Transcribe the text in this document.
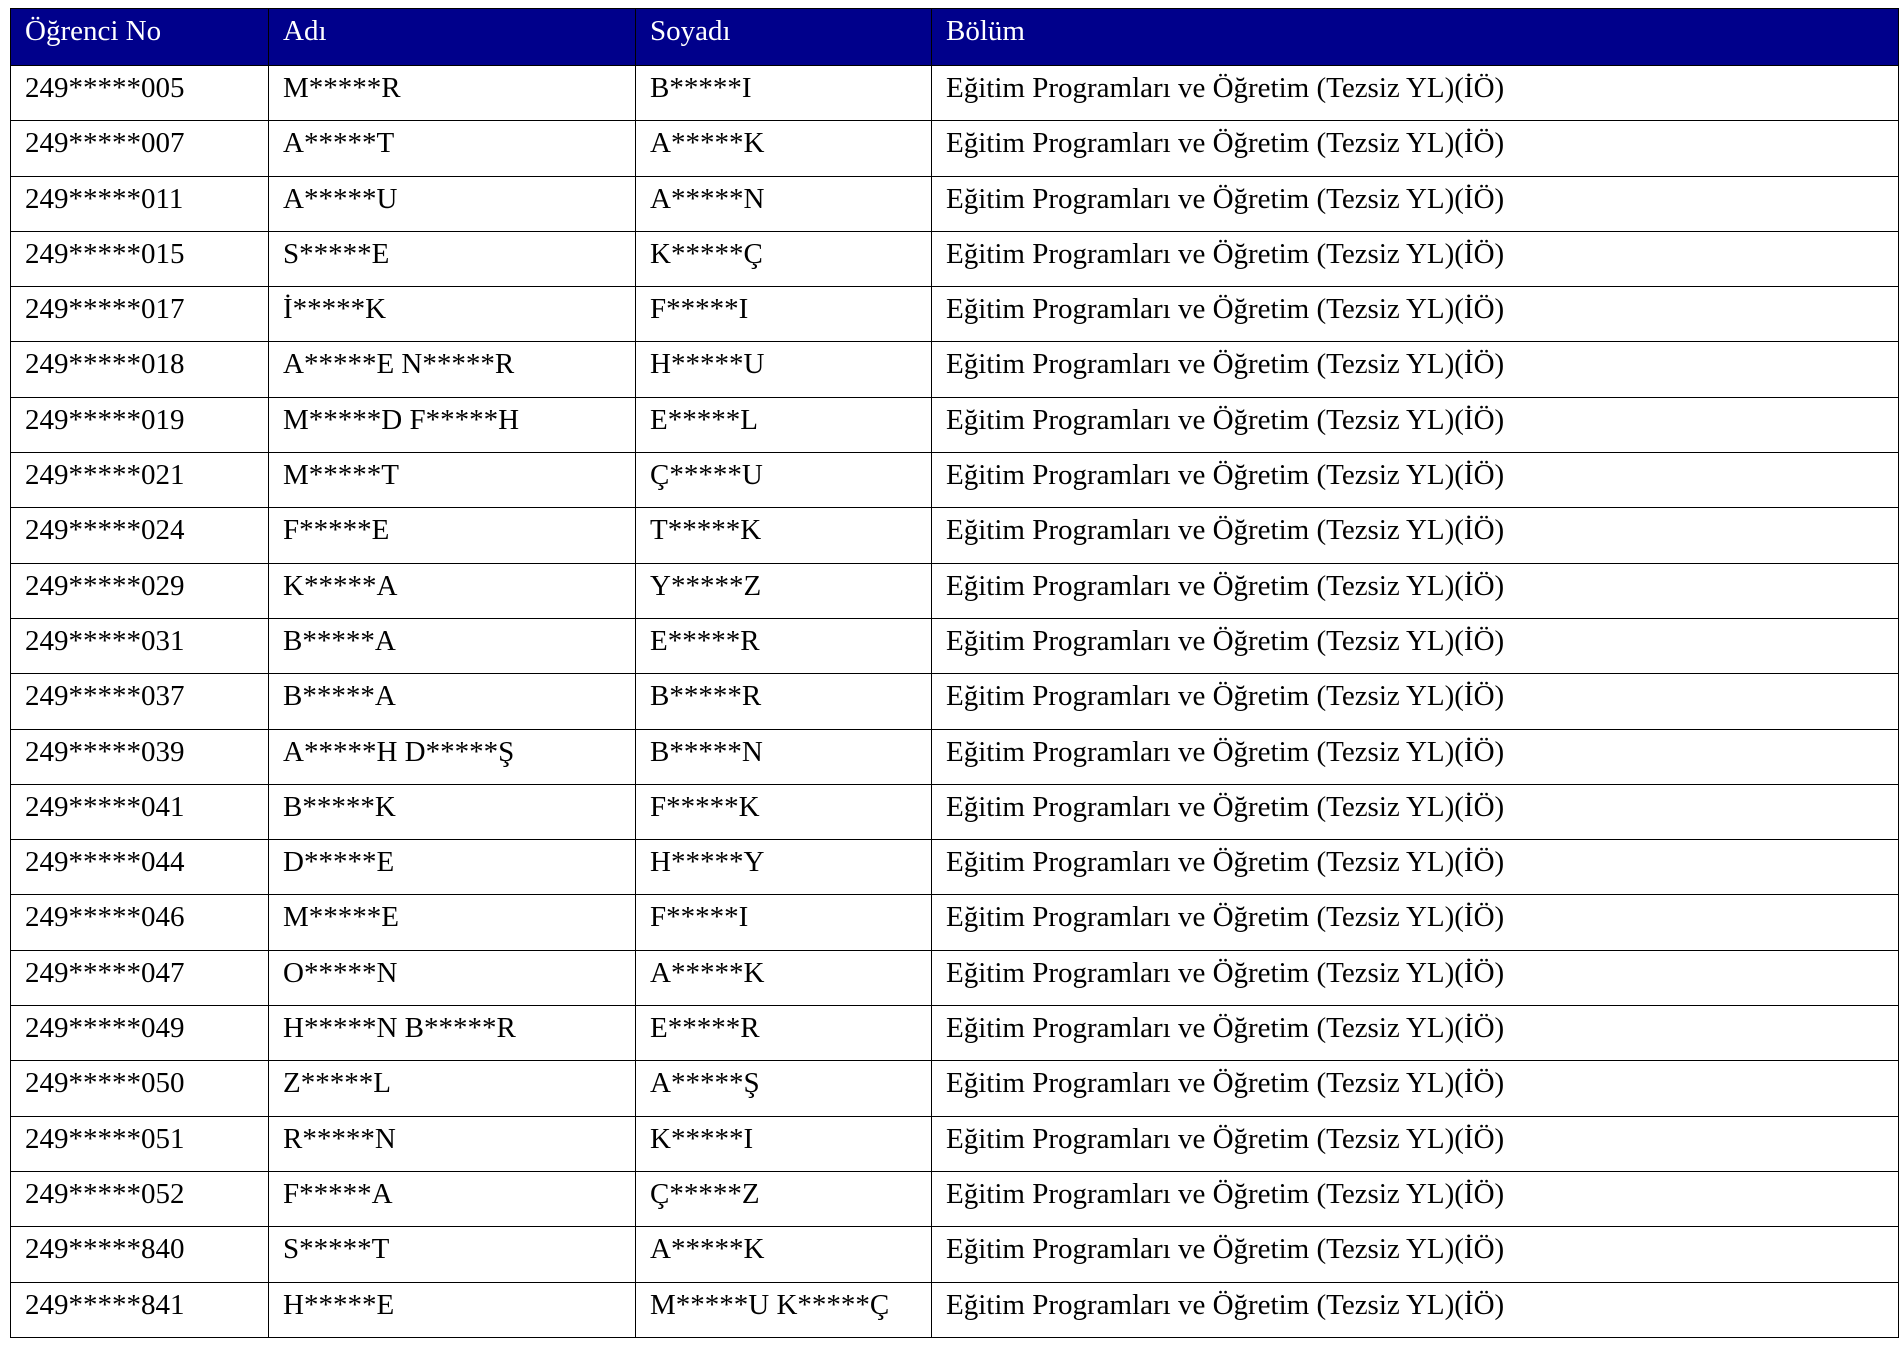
Öğrenci No	Adı	Soyadı	Bölüm
249*****005	M*****R	B*****I	Eğitim Programları ve Öğretim (Tezsiz YL)(İÖ)
249*****007	A*****T	A*****K	Eğitim Programları ve Öğretim (Tezsiz YL)(İÖ)
249*****011	A*****U	A*****N	Eğitim Programları ve Öğretim (Tezsiz YL)(İÖ)
249*****015	S*****E	K*****Ç	Eğitim Programları ve Öğretim (Tezsiz YL)(İÖ)
249*****017	İ*****K	F*****I	Eğitim Programları ve Öğretim (Tezsiz YL)(İÖ)
249*****018	A*****E N*****R	H*****U	Eğitim Programları ve Öğretim (Tezsiz YL)(İÖ)
249*****019	M*****D F*****H	E*****L	Eğitim Programları ve Öğretim (Tezsiz YL)(İÖ)
249*****021	M*****T	Ç*****U	Eğitim Programları ve Öğretim (Tezsiz YL)(İÖ)
249*****024	F*****E	T*****K	Eğitim Programları ve Öğretim (Tezsiz YL)(İÖ)
249*****029	K*****A	Y*****Z	Eğitim Programları ve Öğretim (Tezsiz YL)(İÖ)
249*****031	B*****A	E*****R	Eğitim Programları ve Öğretim (Tezsiz YL)(İÖ)
249*****037	B*****A	B*****R	Eğitim Programları ve Öğretim (Tezsiz YL)(İÖ)
249*****039	A*****H D*****Ş	B*****N	Eğitim Programları ve Öğretim (Tezsiz YL)(İÖ)
249*****041	B*****K	F*****K	Eğitim Programları ve Öğretim (Tezsiz YL)(İÖ)
249*****044	D*****E	H*****Y	Eğitim Programları ve Öğretim (Tezsiz YL)(İÖ)
249*****046	M*****E	F*****I	Eğitim Programları ve Öğretim (Tezsiz YL)(İÖ)
249*****047	O*****N	A*****K	Eğitim Programları ve Öğretim (Tezsiz YL)(İÖ)
249*****049	H*****N B*****R	E*****R	Eğitim Programları ve Öğretim (Tezsiz YL)(İÖ)
249*****050	Z*****L	A*****Ş	Eğitim Programları ve Öğretim (Tezsiz YL)(İÖ)
249*****051	R*****N	K*****I	Eğitim Programları ve Öğretim (Tezsiz YL)(İÖ)
249*****052	F*****A	Ç*****Z	Eğitim Programları ve Öğretim (Tezsiz YL)(İÖ)
249*****840	S*****T	A*****K	Eğitim Programları ve Öğretim (Tezsiz YL)(İÖ)
249*****841	H*****E	M*****U K*****Ç	Eğitim Programları ve Öğretim (Tezsiz YL)(İÖ)
